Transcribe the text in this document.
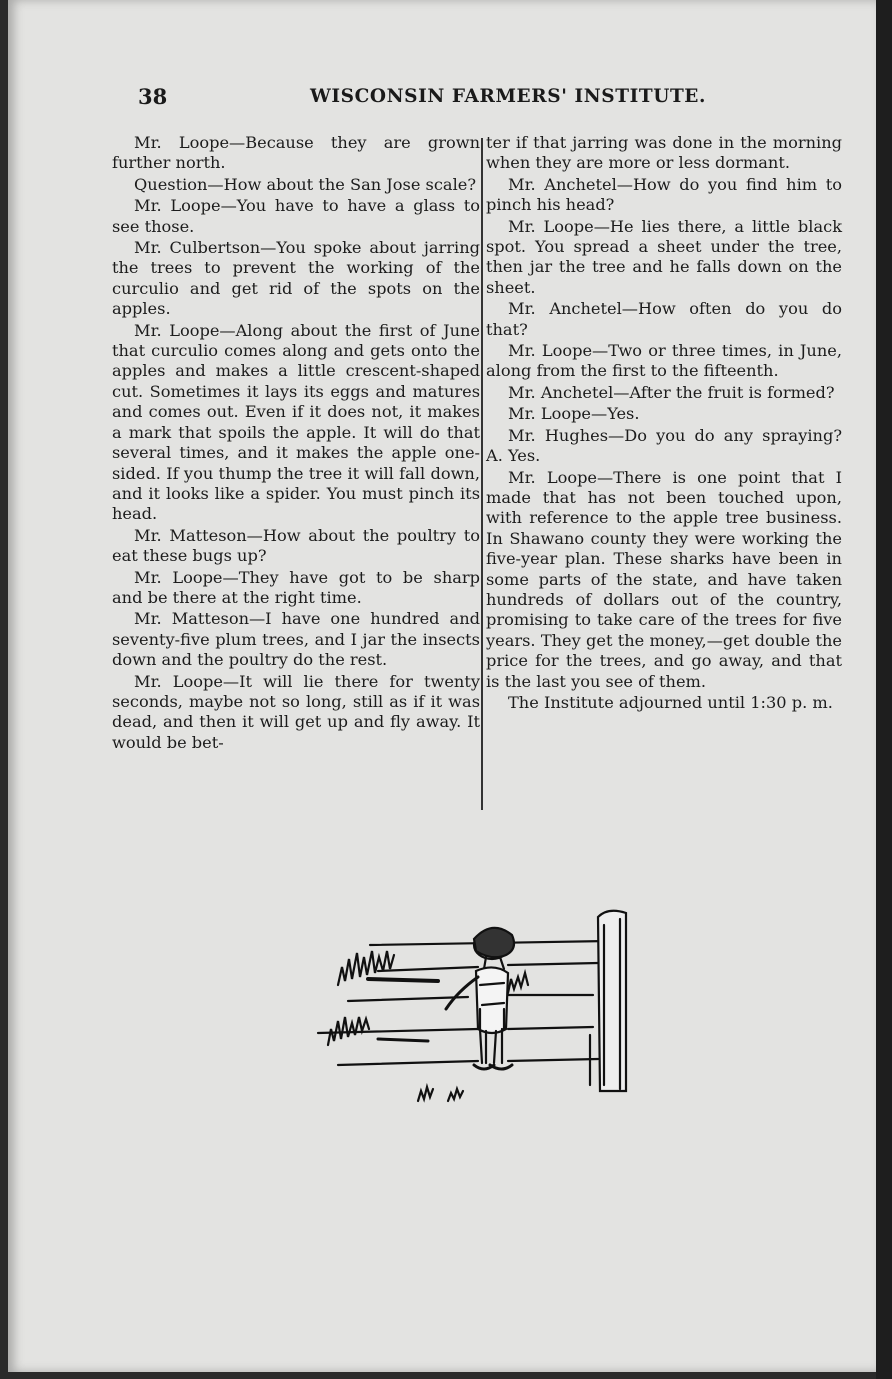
38	WISCONSIN FARMERS' INSTITUTE.

Mr. Loope—Because they are grown further north.

Question—How about the San Jose scale?

Mr. Loope—You have to have a glass to see those.

Mr. Culbertson—You spoke about jarring the trees to prevent the working of the curculio and get rid of the spots on the apples.

Mr. Loope—Along about the first of June that curculio comes along and gets onto the apples and makes a little crescent-shaped cut. Sometimes it lays its eggs and matures and comes out. Even if it does not, it makes a mark that spoils the apple. It will do that several times, and it makes the apple one-sided. If you thump the tree it will fall down, and it looks like a spider. You must pinch its head.

Mr. Matteson—How about the poultry to eat these bugs up?

Mr. Loope—They have got to be sharp and be there at the right time.

Mr. Matteson—I have one hundred and seventy-five plum trees, and I jar the insects down and the poultry do the rest.

Mr. Loope—It will lie there for twenty seconds, maybe not so long, still as if it was dead, and then it will get up and fly away. It would be bet-

ter if that jarring was done in the morning when they are more or less dormant.

Mr. Anchetel—How do you find him to pinch his head?

Mr. Loope—He lies there, a little black spot. You spread a sheet under the tree, then jar the tree and he falls down on the sheet.

Mr. Anchetel—How often do you do that?

Mr. Loope—Two or three times, in June, along from the first to the fifteenth.

Mr. Anchetel—After the fruit is formed?

Mr. Loope—Yes.

Mr. Hughes—Do you do any spraying? A. Yes.

Mr. Loope—There is one point that I made that has not been touched upon, with reference to the apple tree business. In Shawano county they were working the five-year plan. These sharks have been in some parts of the state, and have taken hundreds of dollars out of the country, promising to take care of the trees for five years. They get the money,—get double the price for the trees, and go away, and that is the last you see of them.

The Institute adjourned until 1:30 p. m.
